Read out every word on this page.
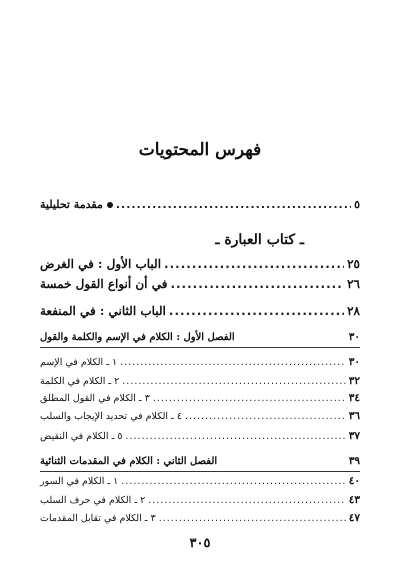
فهرس المحتويات
مقدمة تحليلية .....	٥
ـ كتاب العبارة ـ
الباب الأول : في الغرض .....	٢٥
في أن أنواع القول خمسة .....	٢٦
الباب الثاني : في المنفعة .....	٢٨
الفصل الأول : الكلام في الإسم والكلمة والقول	٣٠
١ ـ الكلام في الإسم .....	٣٠
٢ ـ الكلام في الكلمة .....	٣٢
٣ ـ الكلام في القول المطلق .....	٣٤
٤ ـ الكلام في تحديد الإيجاب والسلب .....	٣٦
٥ ـ الكلام في النقيض .....	٣٧
الفصل الثاني : الكلام في المقدمات الثنائية	٣٩
١ ـ الكلام في السور .....	٤٠
٢ ـ الكلام في حرف السلب .....	٤٣
٣ ـ الكلام في تقابل المقدمات .....	٤٧
٣٠٥
